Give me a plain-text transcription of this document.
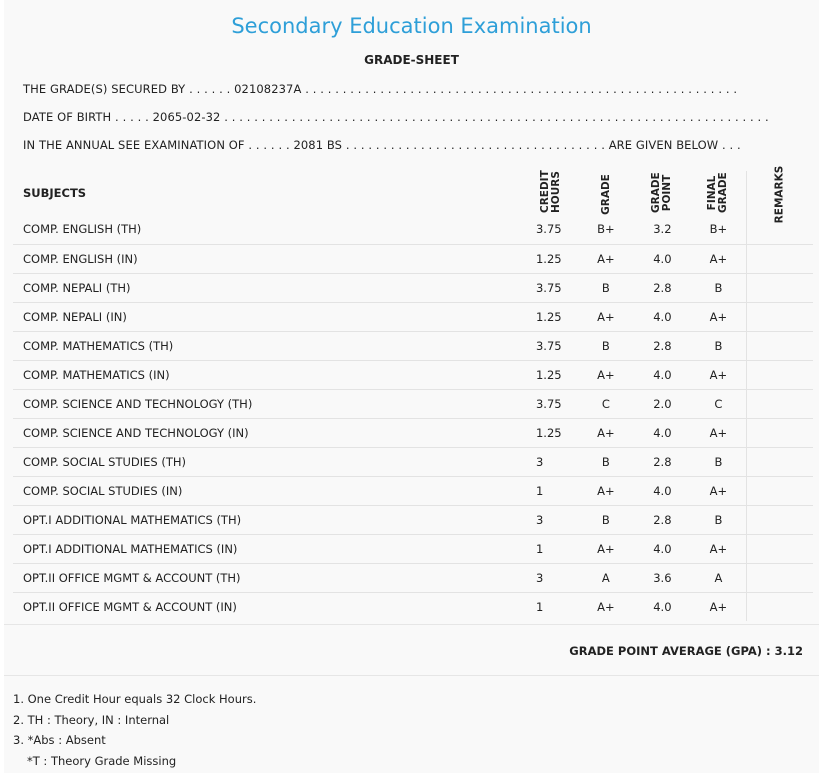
Secondary Education Examination
GRADE-SHEET
THE GRADE(S) SECURED BY . . . . . . 02108237A . . . . . . . . . . . . . . . . . . . . . . . . . . . . . . . . . . . . . . . . . . . . . . . . . . . . . . . . . .
DATE OF BIRTH . . . . . 2065-02-32 . . . . . . . . . . . . . . . . . . . . . . . . . . . . . . . . . . . . . . . . . . . . . . . . . . . . . . . . . . . . . . . . . . . . . . . . .
IN THE ANNUAL SEE EXAMINATION OF . . . . . . 2081 BS . . . . . . . . . . . . . . . . . . . . . . . . . . . . . . . . . . . ARE GIVEN BELOW . . .
SUBJECTS	CREDIT HOURS	GRADE	GRADE POINT	FINAL GRADE	REMARKS
COMP. ENGLISH (TH)	3.75	B+	3.2	B+	
COMP. ENGLISH (IN)	1.25	A+	4.0	A+	
COMP. NEPALI (TH)	3.75	B	2.8	B	
COMP. NEPALI (IN)	1.25	A+	4.0	A+	
COMP. MATHEMATICS (TH)	3.75	B	2.8	B	
COMP. MATHEMATICS (IN)	1.25	A+	4.0	A+	
COMP. SCIENCE AND TECHNOLOGY (TH)	3.75	C	2.0	C	
COMP. SCIENCE AND TECHNOLOGY (IN)	1.25	A+	4.0	A+	
COMP. SOCIAL STUDIES (TH)	3	B	2.8	B	
COMP. SOCIAL STUDIES (IN)	1	A+	4.0	A+	
OPT.I ADDITIONAL MATHEMATICS (TH)	3	B	2.8	B	
OPT.I ADDITIONAL MATHEMATICS (IN)	1	A+	4.0	A+	
OPT.II OFFICE MGMT & ACCOUNT (TH)	3	A	3.6	A	
OPT.II OFFICE MGMT & ACCOUNT (IN)	1	A+	4.0	A+	
GRADE POINT AVERAGE (GPA) : 3.12
1. One Credit Hour equals 32 Clock Hours.
2. TH : Theory, IN : Internal
3. *Abs : Absent
*T : Theory Grade Missing
